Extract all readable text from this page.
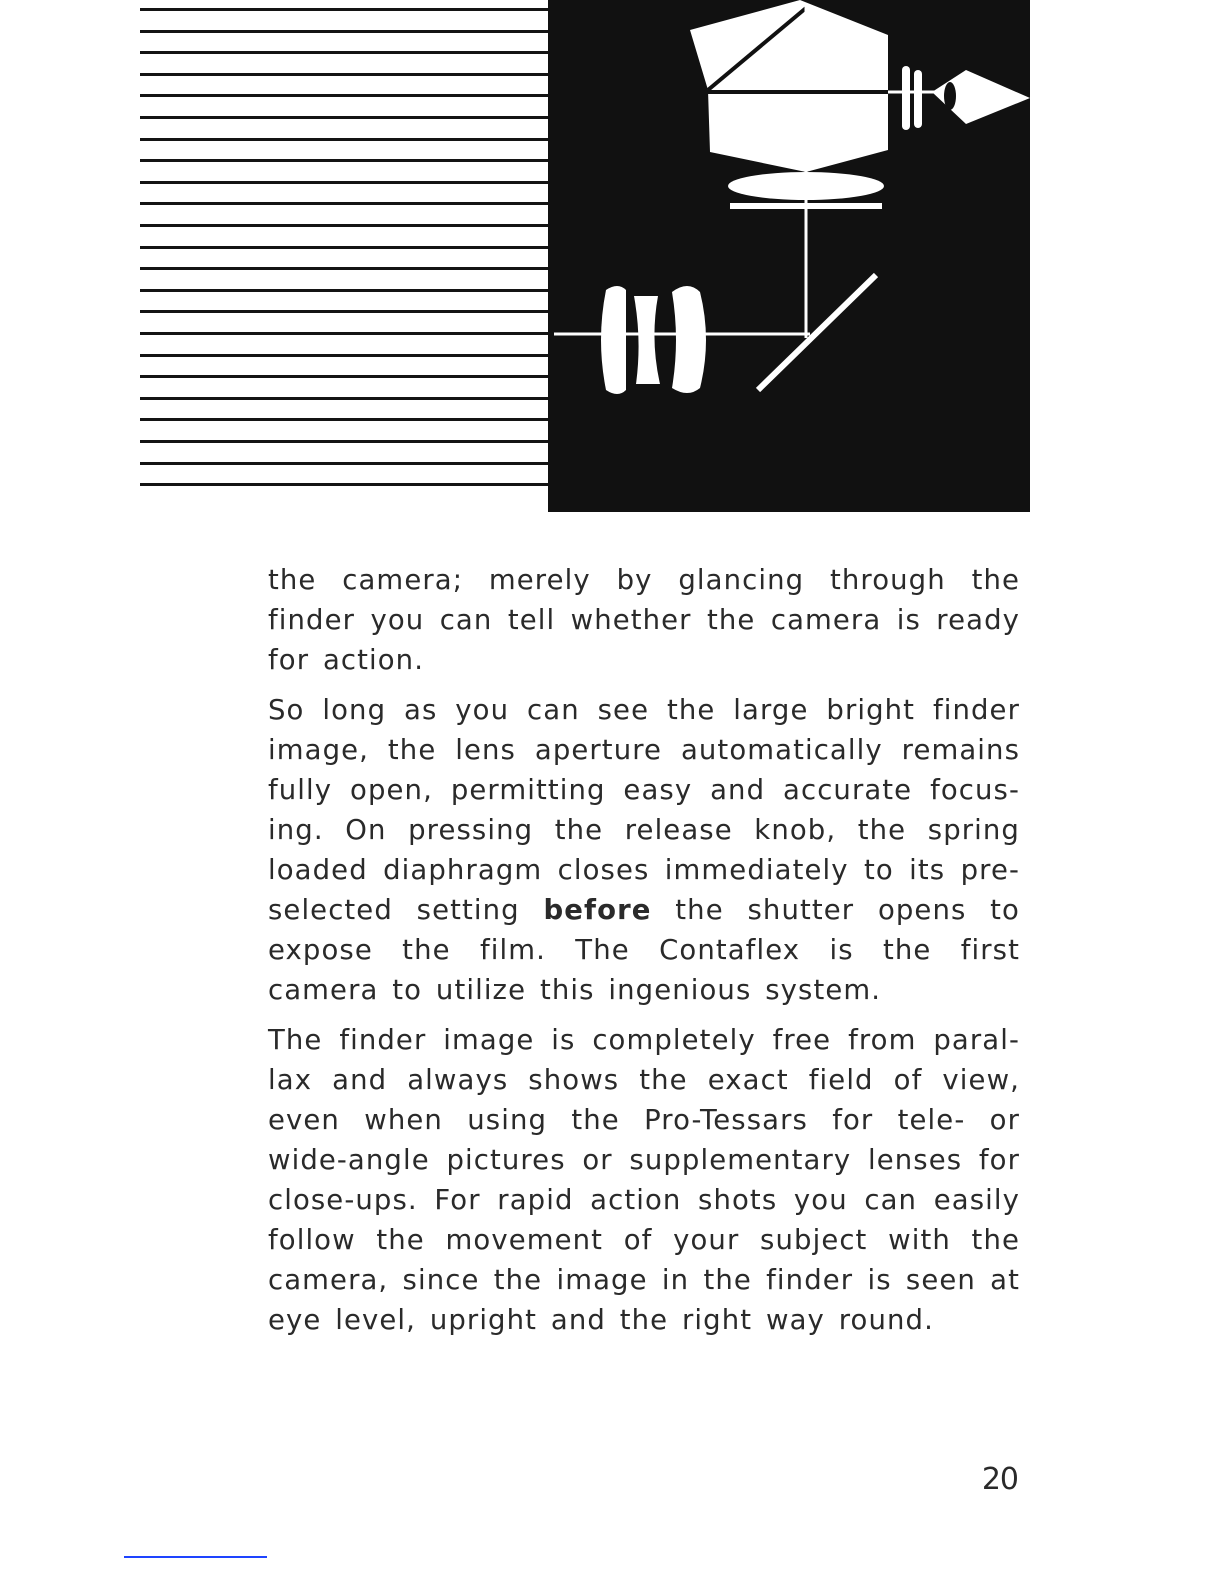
the camera; merely by glancing through the finder you can tell whether the camera is ready for action.

So long as you can see the large bright finder image, the lens aperture automatically remains fully open, permitting easy and accurate focus-ing. On pressing the release knob, the spring loaded diaphragm closes immediately to its pre-selected setting before the shutter opens to expose the film. The Contaflex is the first camera to utilize this ingenious system.

The finder image is completely free from paral-lax and always shows the exact field of view, even when using the Pro-Tessars for tele- or wide-angle pictures or supplementary lenses for close-ups. For rapid action shots you can easily follow the movement of your subject with the camera, since the image in the finder is seen at eye level, upright and the right way round.

20
